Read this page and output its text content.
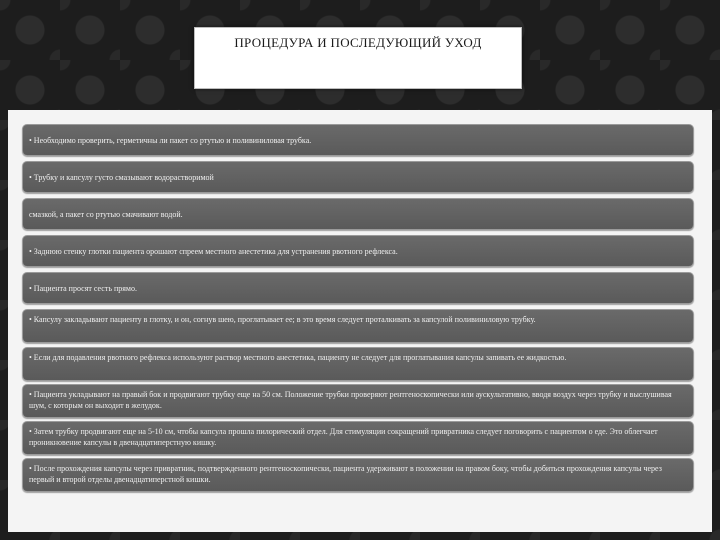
ПРОЦЕДУРА И ПОСЛЕДУЮЩИЙ УХОД
• Необходимо проверить, герметичны ли пакет со ртутью и поливиниловая трубка.
• Трубку и капсулу густо смазывают водорастворимой
смазкой, а пакет со ртутью смачивают водой.
• Заднюю стенку глотки пациента орошают спреем местного анестетика для устранения рвотного рефлекса.
• Пациента просят сесть прямо.
• Капсулу закладывают пациенту в глотку, и он, согнув шею, проглатывает ее; в это время следует проталкивать за капсулой поливиниловую трубку.
• Если для подавления рвотного рефлекса используют раствор местного анестетика, пациенту не следует для проглатывания капсулы запивать ее жидкостью.
• Пациента укладывают на правый бок и продвигают трубку еще на 50 см. Положение трубки проверяют рентгеноскопически или аускультативно, вводя воздух через трубку и выслушивая шум, с которым он выходит в желудок.
• Затем трубку продвигают еще на 5-10 см, чтобы капсула прошла пилорический отдел. Для стимуляции сокращений привратника следует поговорить с пациентом о еде. Это облегчает проникновение капсулы в двенадцатиперстную кишку.
• После прохождения капсулы через привратник, подтвержденного рентгеноскопически, пациента удерживают в положении на правом боку, чтобы добиться прохождения капсулы через первый и второй отделы двенадцатиперстной кишки.
